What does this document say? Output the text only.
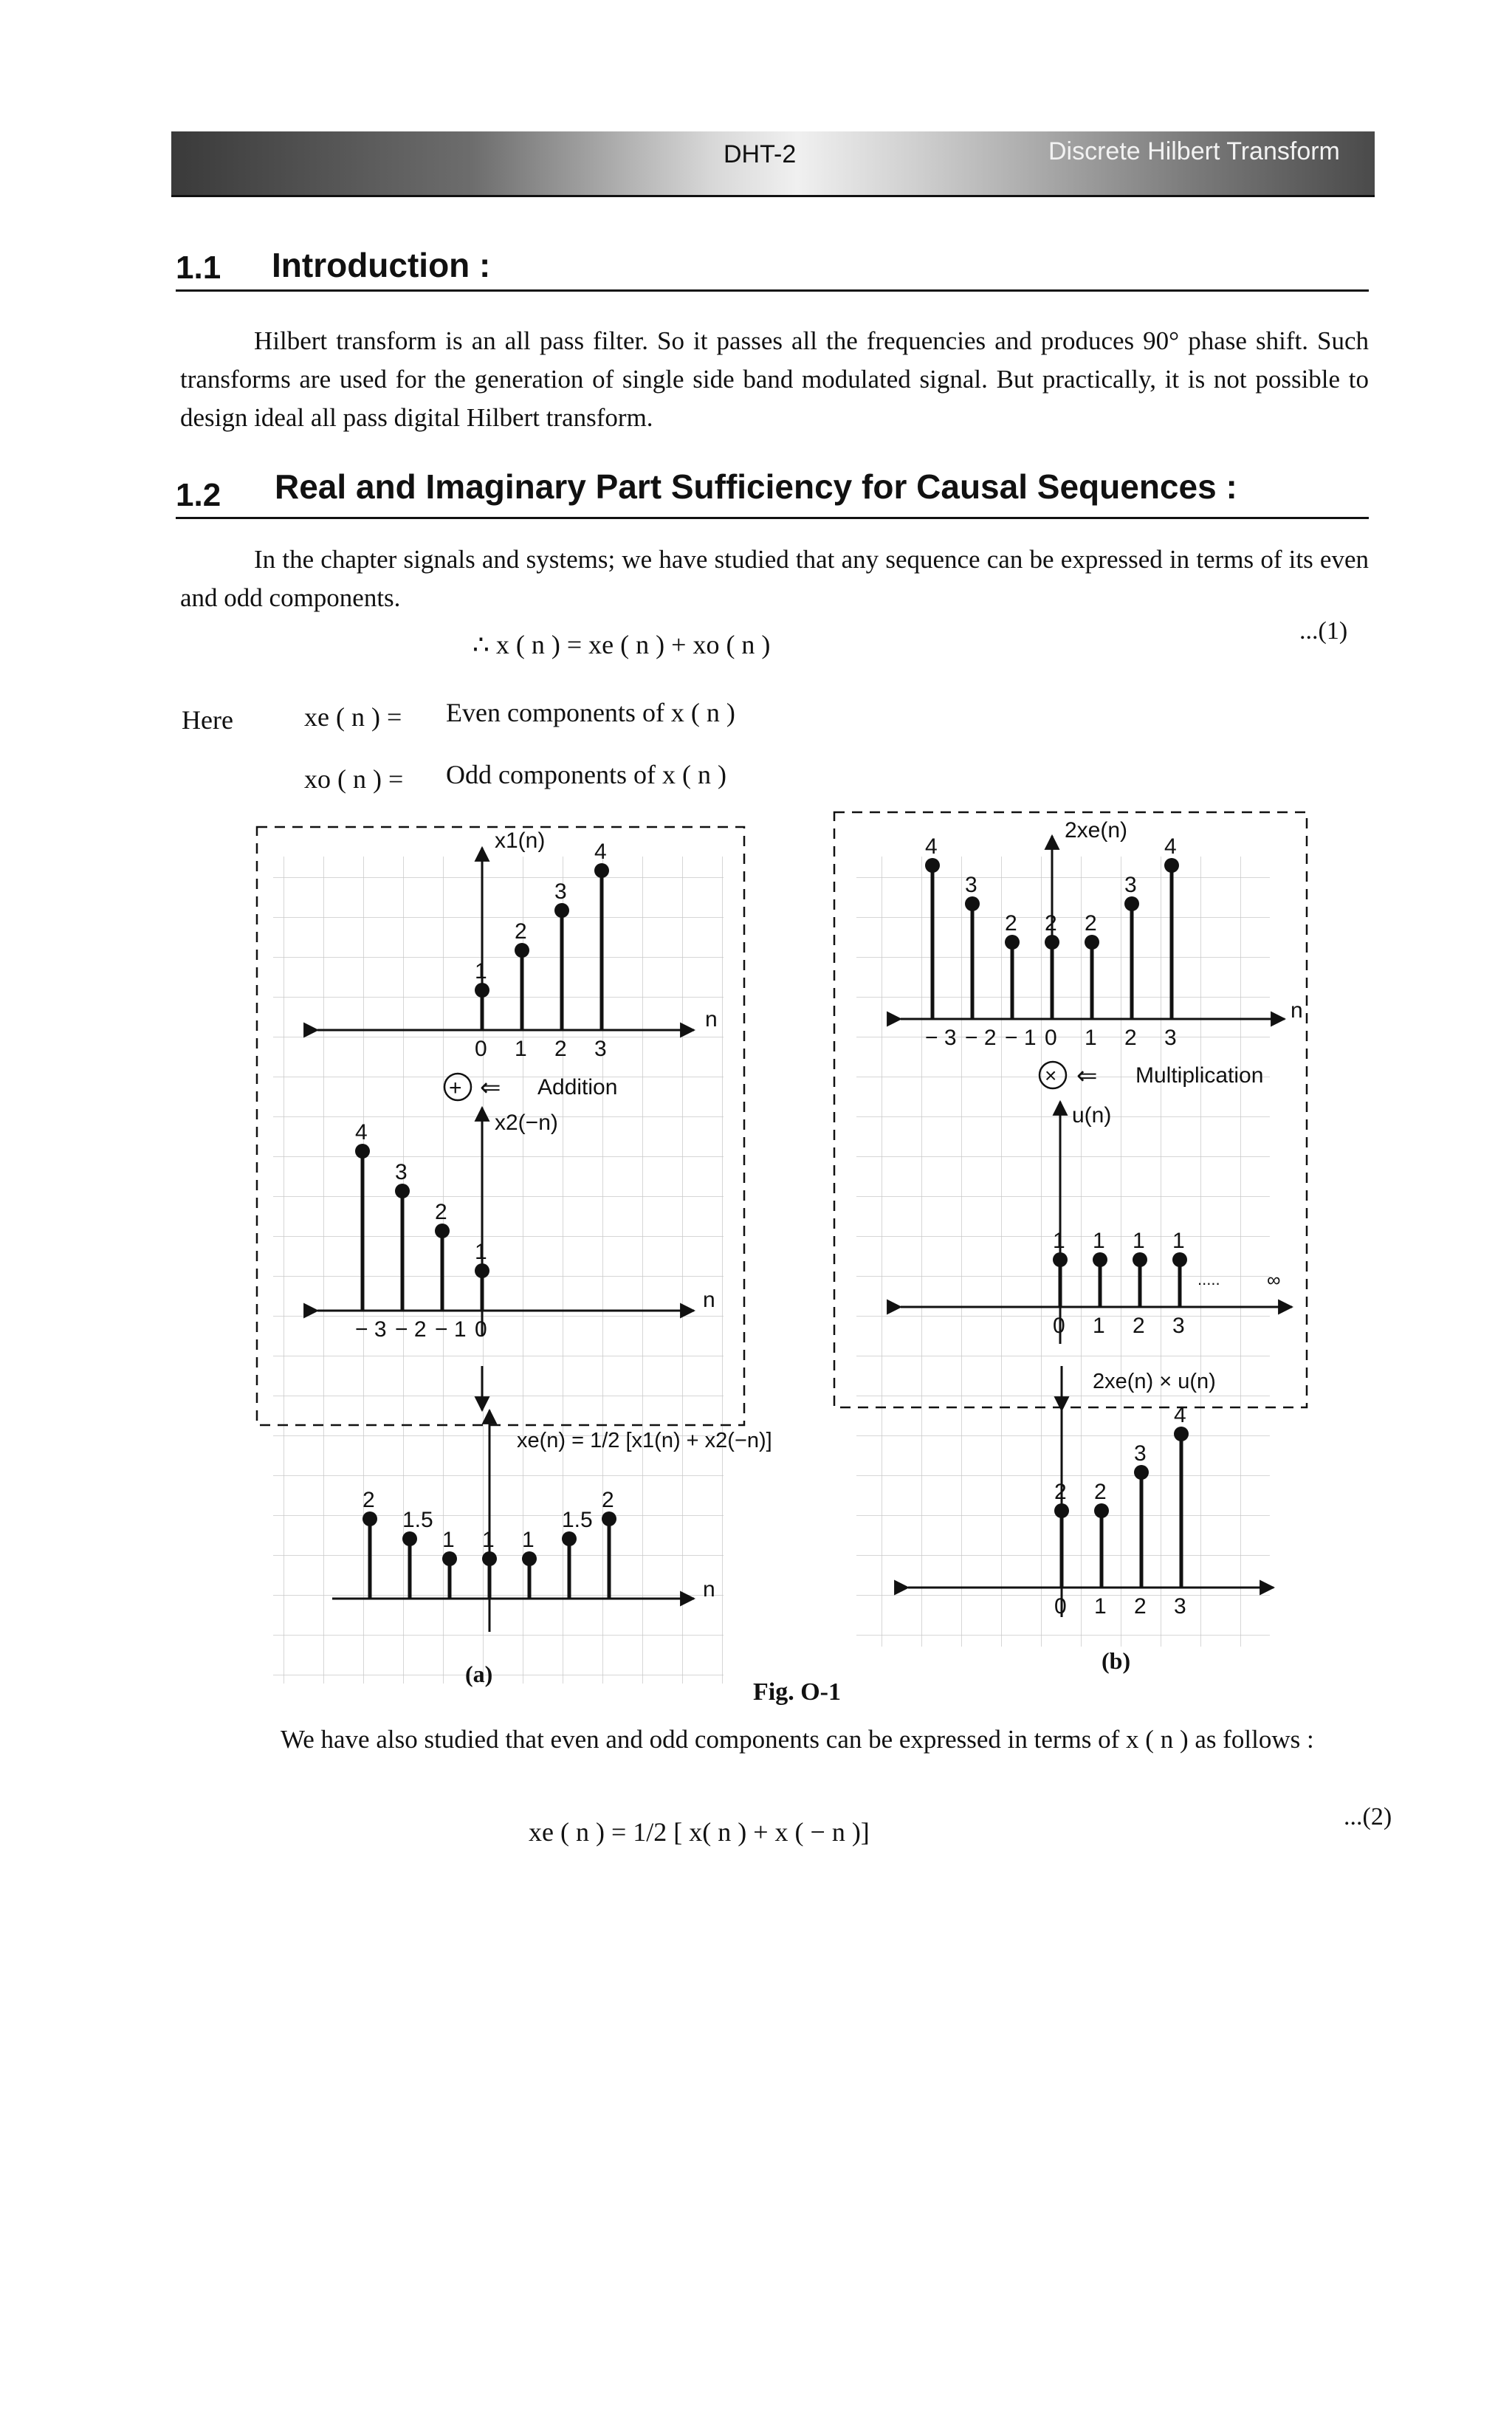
DHT-2	Discrete Hilbert Transform
1.1 Introduction :
Hilbert transform is an all pass filter. So it passes all the frequencies and produces 90° phase shift. Such transforms are used for the generation of single side band modulated signal. But practically, it is not possible to design ideal all pass digital Hilbert transform.
1.2 Real and Imaginary Part Sufficiency for Causal Sequences :
In the chapter signals and systems; we have studied that any sequence can be expressed in terms of its even and odd components.
∴ x ( n ) = xe ( n ) + xo ( n )	...(1)
Here	xe ( n ) = Even components of x ( n )
xo ( n ) = Odd components of x ( n )
1
0
2
1
3
2
4
3
x1(n)
n
+ ⇐ Addition
4
− 3
3
− 2
2
− 1
1
0
x2(−n)
n
2
1.5
1 1 1
1.5
2
xe(n) = 1/2 [x1(n) + x2(−n)]
n
4
− 3
3
− 2
2
− 1
2
0
2
1
3
2
4
3
2xe(n)
n
× ⇐ Multiplication
1
0
1
1
1
2
1
3
u(n)
..... ∞
2
0
2
1
3
2
4
3
2xe(n) × u(n)
(a)	(b)
Fig. O-1
We have also studied that even and odd components can be expressed in terms of x ( n ) as follows :
xe ( n ) = 1/2 [ x( n ) + x ( − n )]
...(2)
